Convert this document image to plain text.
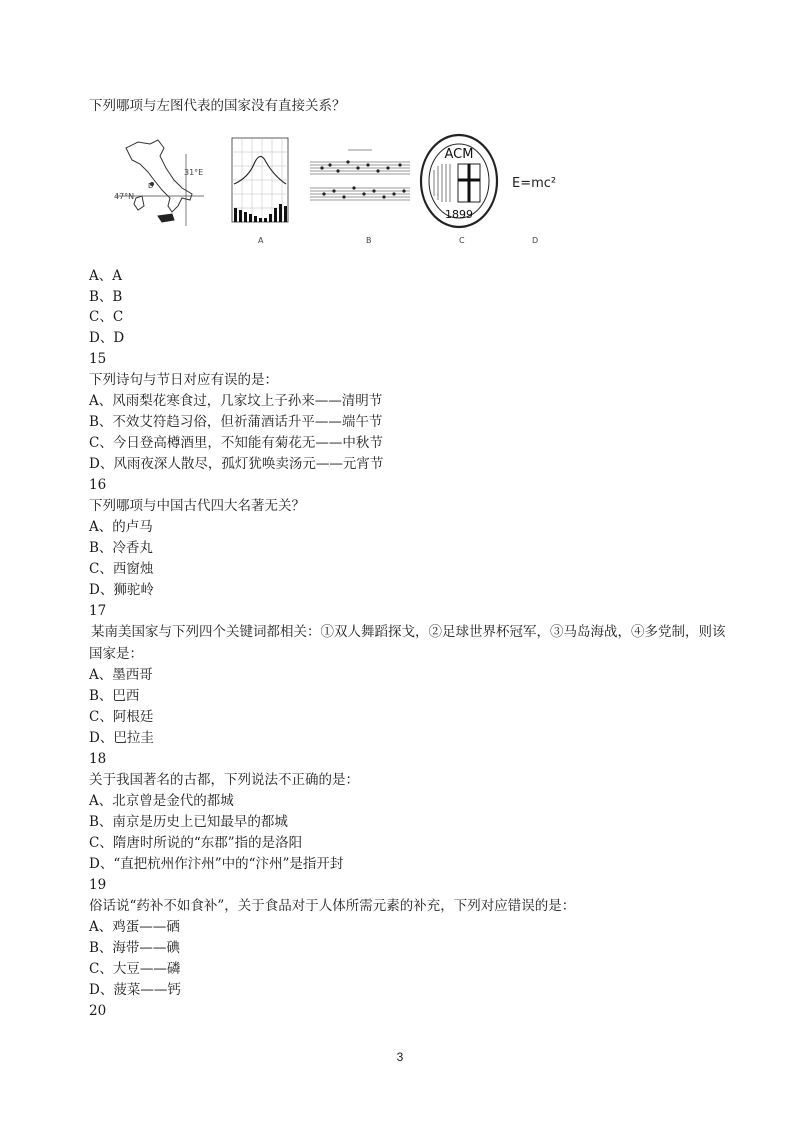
下列哪项与左图代表的国家没有直接关系？
D
47°N
31°E
A	B
ACM
1899
C
E=mc²
D
A、A
B、B
C、C
D、D
15
下列诗句与节日对应有误的是：
A、风雨梨花寒食过，几家坟上子孙来——清明节
B、不效艾符趋习俗，但祈蒲酒话升平——端午节
C、今日登高樽酒里，不知能有菊花无——中秋节
D、风雨夜深人散尽，孤灯犹唤卖汤元——元宵节
16
下列哪项与中国古代四大名著无关？
A、的卢马
B、冷香丸
C、西窗烛
D、狮驼岭
17
某南美国家与下列四个关键词都相关：①双人舞蹈探戈，②足球世界杯冠军，③马岛海战，④多党制，则该国家是：
A、墨西哥
B、巴西
C、阿根廷
D、巴拉圭
18
关于我国著名的古都，下列说法不正确的是：
A、北京曾是金代的都城
B、南京是历史上已知最早的都城
C、隋唐时所说的“东郡”指的是洛阳
D、“直把杭州作汴州”中的“汴州”是指开封
19
俗话说“药补不如食补”，关于食品对于人体所需元素的补充，下列对应错误的是：
A、鸡蛋——硒
B、海带——碘
C、大豆——磷
D、菠菜——钙
20
3
